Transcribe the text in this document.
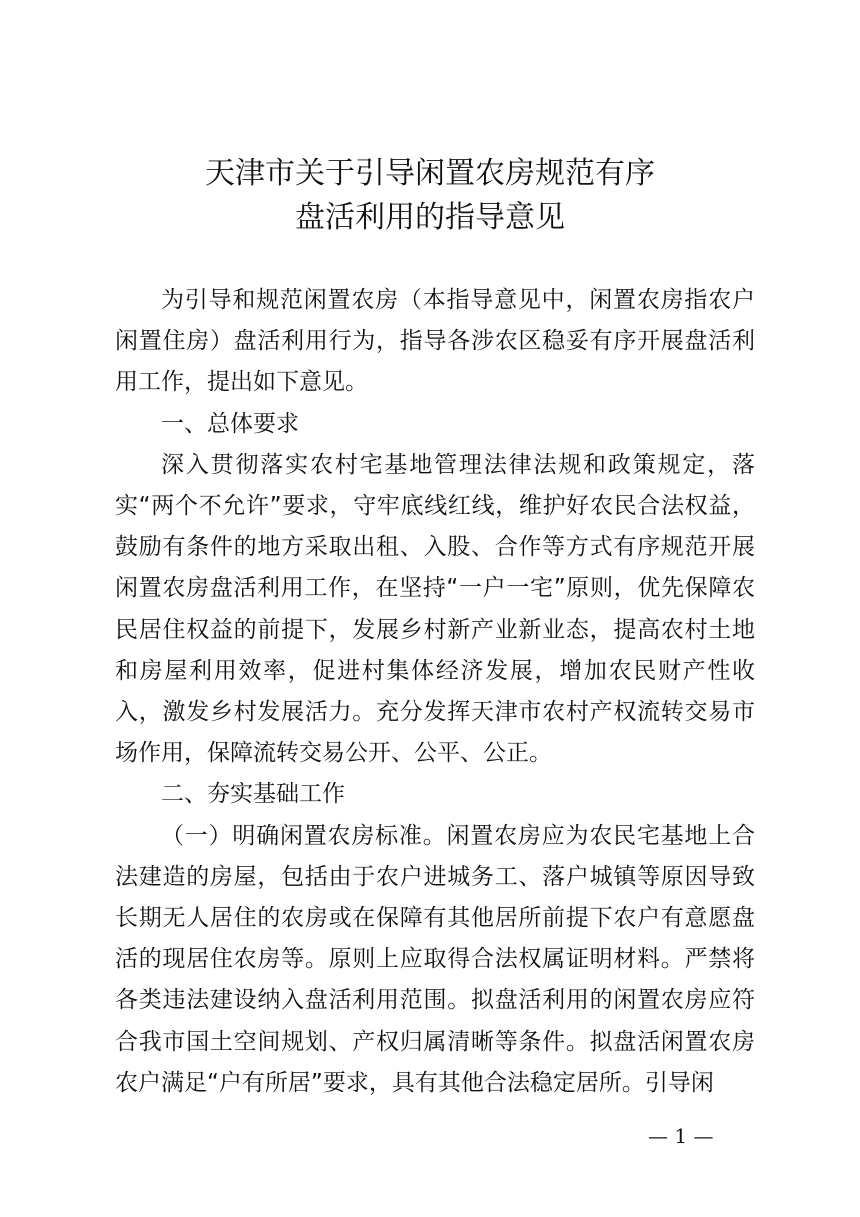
天津市关于引导闲置农房规范有序
盘活利用的指导意见

为引导和规范闲置农房（本指导意见中，闲置农房指农户闲置住房）盘活利用行为，指导各涉农区稳妥有序开展盘活利用工作，提出如下意见。

一、总体要求

深入贯彻落实农村宅基地管理法律法规和政策规定，落实“两个不允许”要求，守牢底线红线，维护好农民合法权益，鼓励有条件的地方采取出租、入股、合作等方式有序规范开展闲置农房盘活利用工作，在坚持“一户一宅”原则，优先保障农民居住权益的前提下，发展乡村新产业新业态，提高农村土地和房屋利用效率，促进村集体经济发展，增加农民财产性收入，激发乡村发展活力。充分发挥天津市农村产权流转交易市场作用，保障流转交易公开、公平、公正。

二、夯实基础工作

（一）明确闲置农房标准。闲置农房应为农民宅基地上合法建造的房屋，包括由于农户进城务工、落户城镇等原因导致长期无人居住的农房或在保障有其他居所前提下农户有意愿盘活的现居住农房等。原则上应取得合法权属证明材料。严禁将各类违法建设纳入盘活利用范围。拟盘活利用的闲置农房应符合我市国土空间规划、产权归属清晰等条件。拟盘活闲置农房农户满足“户有所居”要求，具有其他合法稳定居所。引导闲

— 1 —
